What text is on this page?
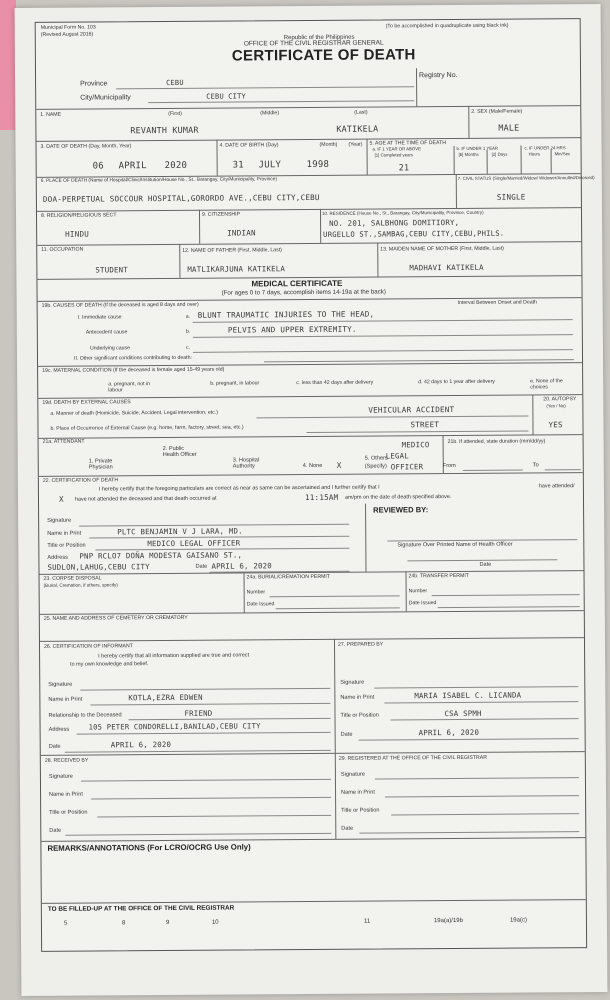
Municipal Form No. 103
(Revised August 2016)
(To be accomplished in quadruplicate using black ink)
Republic of the Philippines
OFFICE OF THE CIVIL REGISTRAR GENERAL
CERTIFICATE OF DEATH
Province	CEBU
City/Municipality	CEBU CITY
Registry No.
1. NAME	(First)	(Middle)	(Last)
REVANTH KUMAR	KATIKELA
2. SEX (Male/Female)
MALE
3. DATE OF DEATH (Day, Month, Year)
06 APRIL 2020
4. DATE OF BIRTH (Day)	(Month) (Year)
31 JULY	1998
5. AGE AT THE TIME OF DEATH
a. IF 1 YEAR OR ABOVE	b. IF UNDER 1 YEAR	c. IF UNDER 24 HRS
[1] Completed years	[b] Months	[2] Days	Hours	Min/Sec
21
6. PLACE OF DEATH (Name of Hospital/Clinic/Institution/House No., St., Barangay, City/Municipality, Province)
DOA-PERPETUAL SOCCOUR HOSPITAL,GORORDO AVE.,CEBU CITY,CEBU
7. CIVIL STATUS (Single/Married/Widow/ Widower/Annulled/Divorced)
SINGLE
8. RELIGION/RELIGIOUS SECT
HINDU
9. CITIZENSHIP
INDIAN
10. RESIDENCE (House No., St., Barangay, City/Municipality, Province, Country)
NO. 201, SALBHONG DOMITIORY,
URGELLO ST.,SAMBAG,CEBU CITY,CEBU,PHILS.
11. OCCUPATION
STUDENT
12. NAME OF FATHER (First, Middle, Last)
MATLIKARJUNA KATIKELA
13. MAIDEN NAME OF MOTHER (First, Middle, Last)
MADHAVI KATIKELA
MEDICAL CERTIFICATE
(For ages 0 to 7 days, accomplish items 14-19a at the back)
19b. CAUSES OF DEATH (If the deceased is aged 8 days and over)	Interval Between Onset and Death
I. Immediate cause	a. BLUNT TRAUMATIC INJURIES TO THE HEAD,
Antecedent cause	b.	PELVIS AND UPPER EXTREMITY.
Underlying cause	c.
II. Other significant conditions contributing to death:
19c. MATERNAL CONDITION (If the deceased is female aged 15-49 years old)
a. pregnant, not in labour
b. pregnant, in labour	c. less than 42 days after delivery	d. 42 days to 1 year after delivery	e. None of the choices
19d. DEATH BY EXTERNAL CAUSES
a. Manner of death (Homicide, Suicide, Accident, Legal intervention, etc.)	VEHICULAR ACCIDENT
b. Place of Occurrence of External Cause (e.g. home, farm, factory, street, sea, etc.)	STREET
20. AUTOPSY
(Yes / No)
YES
21a. ATTENDANT
1. Private Physician
2. Public Health Officer
3. Hospital Authority	4. None X
5. Others
(Specify)
MEDICO
LEGAL
OFFICER
21b. If attended, state duration (mm/dd/yy)
From	To
22. CERTIFICATION OF DEATH
I hereby certify that the foregoing particulars are correct as near as same can be ascertained and I further certify that I	have attended/
X have not attended the deceased and that death occurred at	11:15AM am/pm on the date of death specified above.
Signature
Name in Print	PLTC BENJAMIN V J LARA, MD.
Title or Position	MEDICO LEGAL OFFICER
Address PNP RCLO7 DOÑA MODESTA GAISANO ST.,
SUDLON,LAHUG,CEBU CITY	Date APRIL 6, 2020
REVIEWED BY:
Signature Over Printed Name of Health Officer
Date
23. CORPSE DISPOSAL
(Burial, Cremation, if others, specify)
24a. BURIAL/CREMATION PERMIT
Number
Date Issued
24b. TRANSFER PERMIT
Number
Date Issued
25. NAME AND ADDRESS OF CEMETERY OR CREMATORY
26. CERTIFICATION OF INFORMANT
I hereby certify that all information supplied are true and correct
to my own knowledge and belief.
Signature
Name in Print	KOTLA,EZRA EDWEN
Relationship to the Deceased	FRIEND
Address	105 PETER CONDORELLI,BANILAD,CEBU CITY
Date	APRIL 6, 2020
27. PREPARED BY
Signature
Name in Print	MARIA ISABEL C. LICANDA
Title or Position	CSA SPMH
Date	APRIL 6, 2020
28. RECEIVED BY
Signature
Name in Print
Title or Position
Date
29. REGISTERED AT THE OFFICE OF THE CIVIL REGISTRAR
Signature
Name in Print
Title or Position
Date
REMARKS/ANNOTATIONS (For LCRO/OCRG Use Only)
TO BE FILLED-UP AT THE OFFICE OF THE CIVIL REGISTRAR
5	8	9	10	11	19a(a)/19b	19a(c)
